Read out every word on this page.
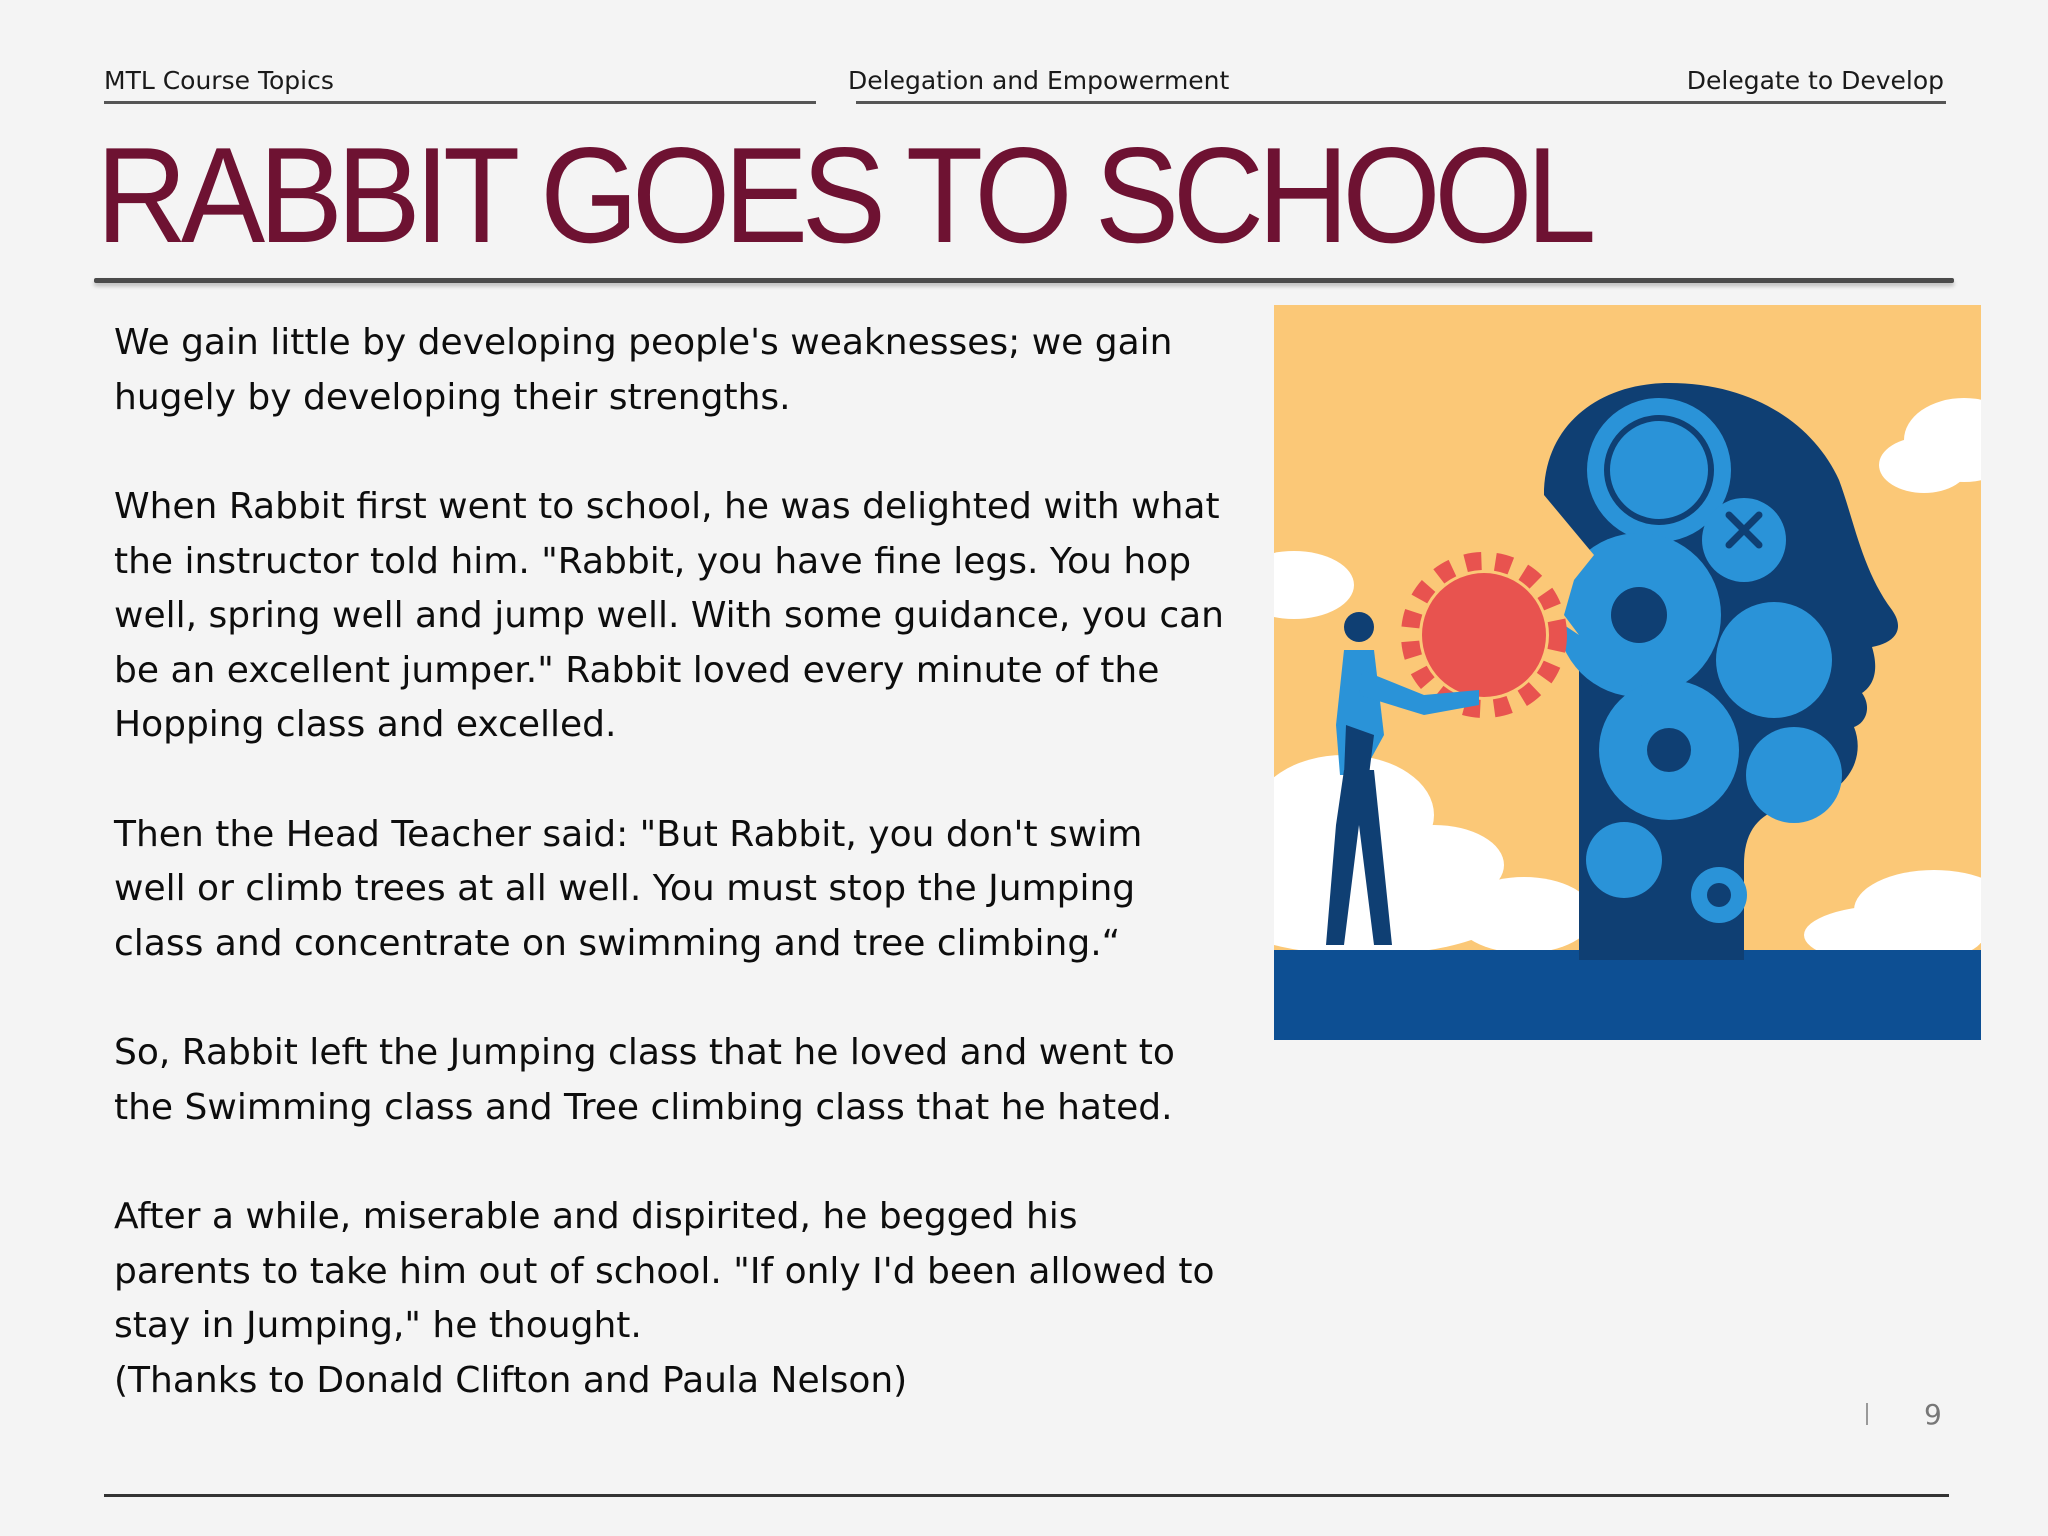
MTL Course Topics	Delegation and Empowerment	Delegate to Develop
RABBIT GOES TO SCHOOL

We gain little by developing people's weaknesses; we gain hugely by developing their strengths.

When Rabbit first went to school, he was delighted with what the instructor told him. "Rabbit, you have fine legs. You hop well, spring well and jump well. With some guidance, you can be an excellent jumper." Rabbit loved every minute of the Hopping class and excelled.

Then the Head Teacher said: "But Rabbit, you don't swim well or climb trees at all well. You must stop the Jumping class and concentrate on swimming and tree climbing.“

So, Rabbit left the Jumping class that he loved and went to the Swimming class and Tree climbing class that he hated.

After a while, miserable and dispirited, he begged his parents to take him out of school. "If only I'd been allowed to stay in Jumping," he thought.
(Thanks to Donald Clifton and Paula Nelson)

9
